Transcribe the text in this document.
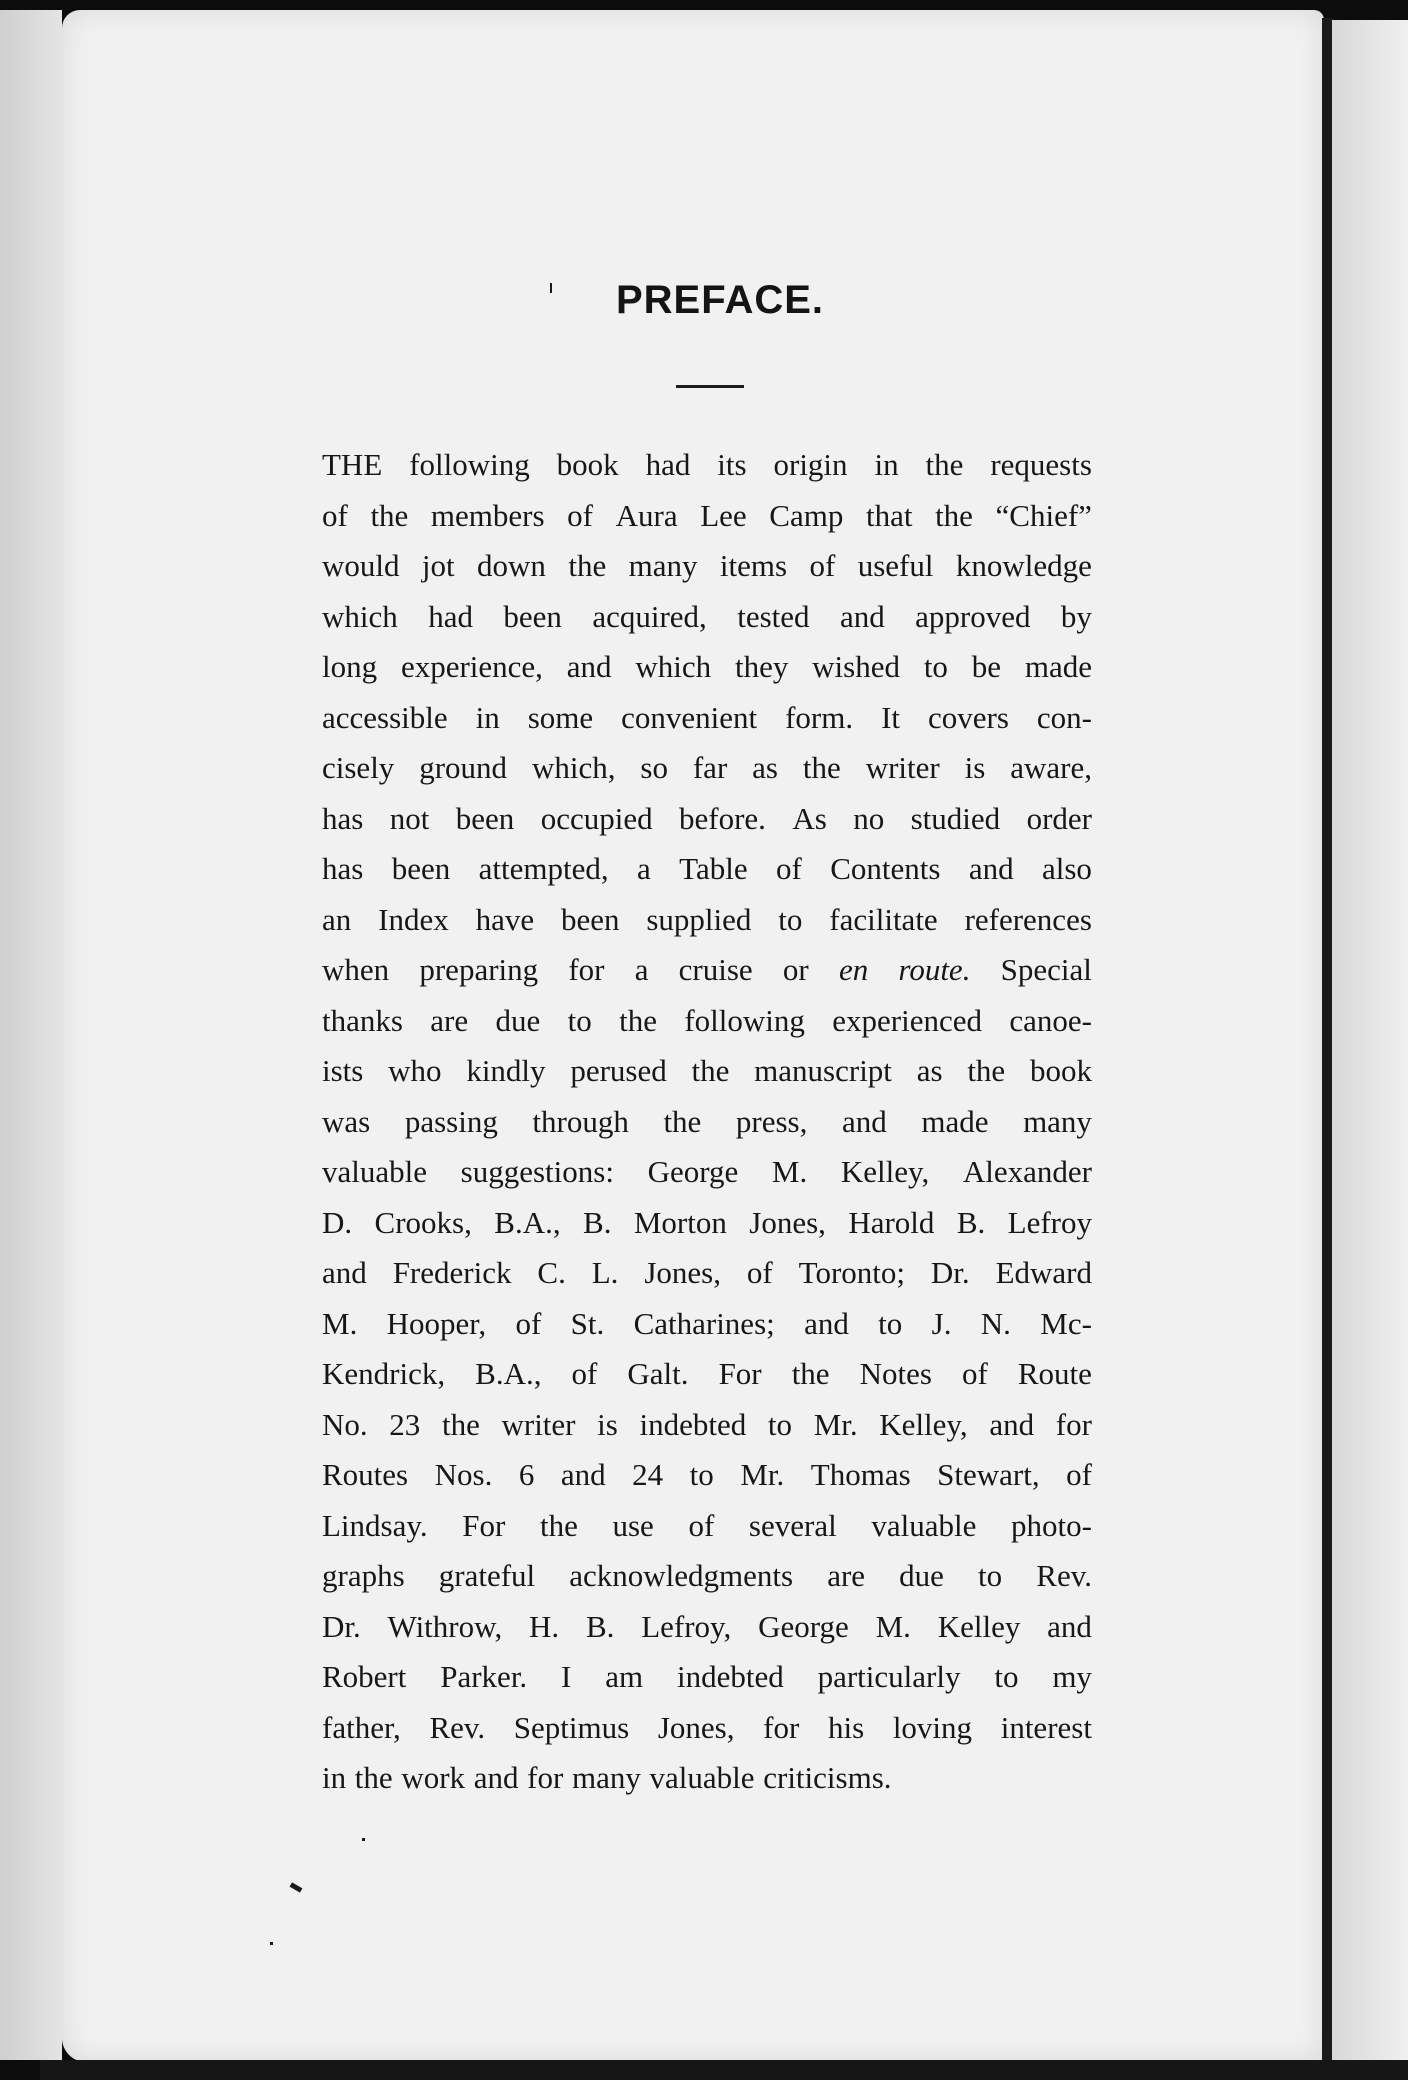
PREFACE.
THE following book had its origin in the requests
of the members of Aura Lee Camp that the “Chief”
would jot down the many items of useful knowledge
which had been acquired, tested and approved by
long experience, and which they wished to be made
accessible in some convenient form. It covers con-
cisely ground which, so far as the writer is aware,
has not been occupied before. As no studied order
has been attempted, a Table of Contents and also
an Index have been supplied to facilitate references
when preparing for a cruise or en route. Special
thanks are due to the following experienced canoe-
ists who kindly perused the manuscript as the book
was passing through the press, and made many
valuable suggestions: George M. Kelley, Alexander
D. Crooks, B.A., B. Morton Jones, Harold B. Lefroy
and Frederick C. L. Jones, of Toronto; Dr. Edward
M. Hooper, of St. Catharines; and to J. N. Mc-
Kendrick, B.A., of Galt. For the Notes of Route
No. 23 the writer is indebted to Mr. Kelley, and for
Routes Nos. 6 and 24 to Mr. Thomas Stewart, of
Lindsay. For the use of several valuable photo-
graphs grateful acknowledgments are due to Rev.
Dr. Withrow, H. B. Lefroy, George M. Kelley and
Robert Parker. I am indebted particularly to my
father, Rev. Septimus Jones, for his loving interest
in the work and for many valuable criticisms.
